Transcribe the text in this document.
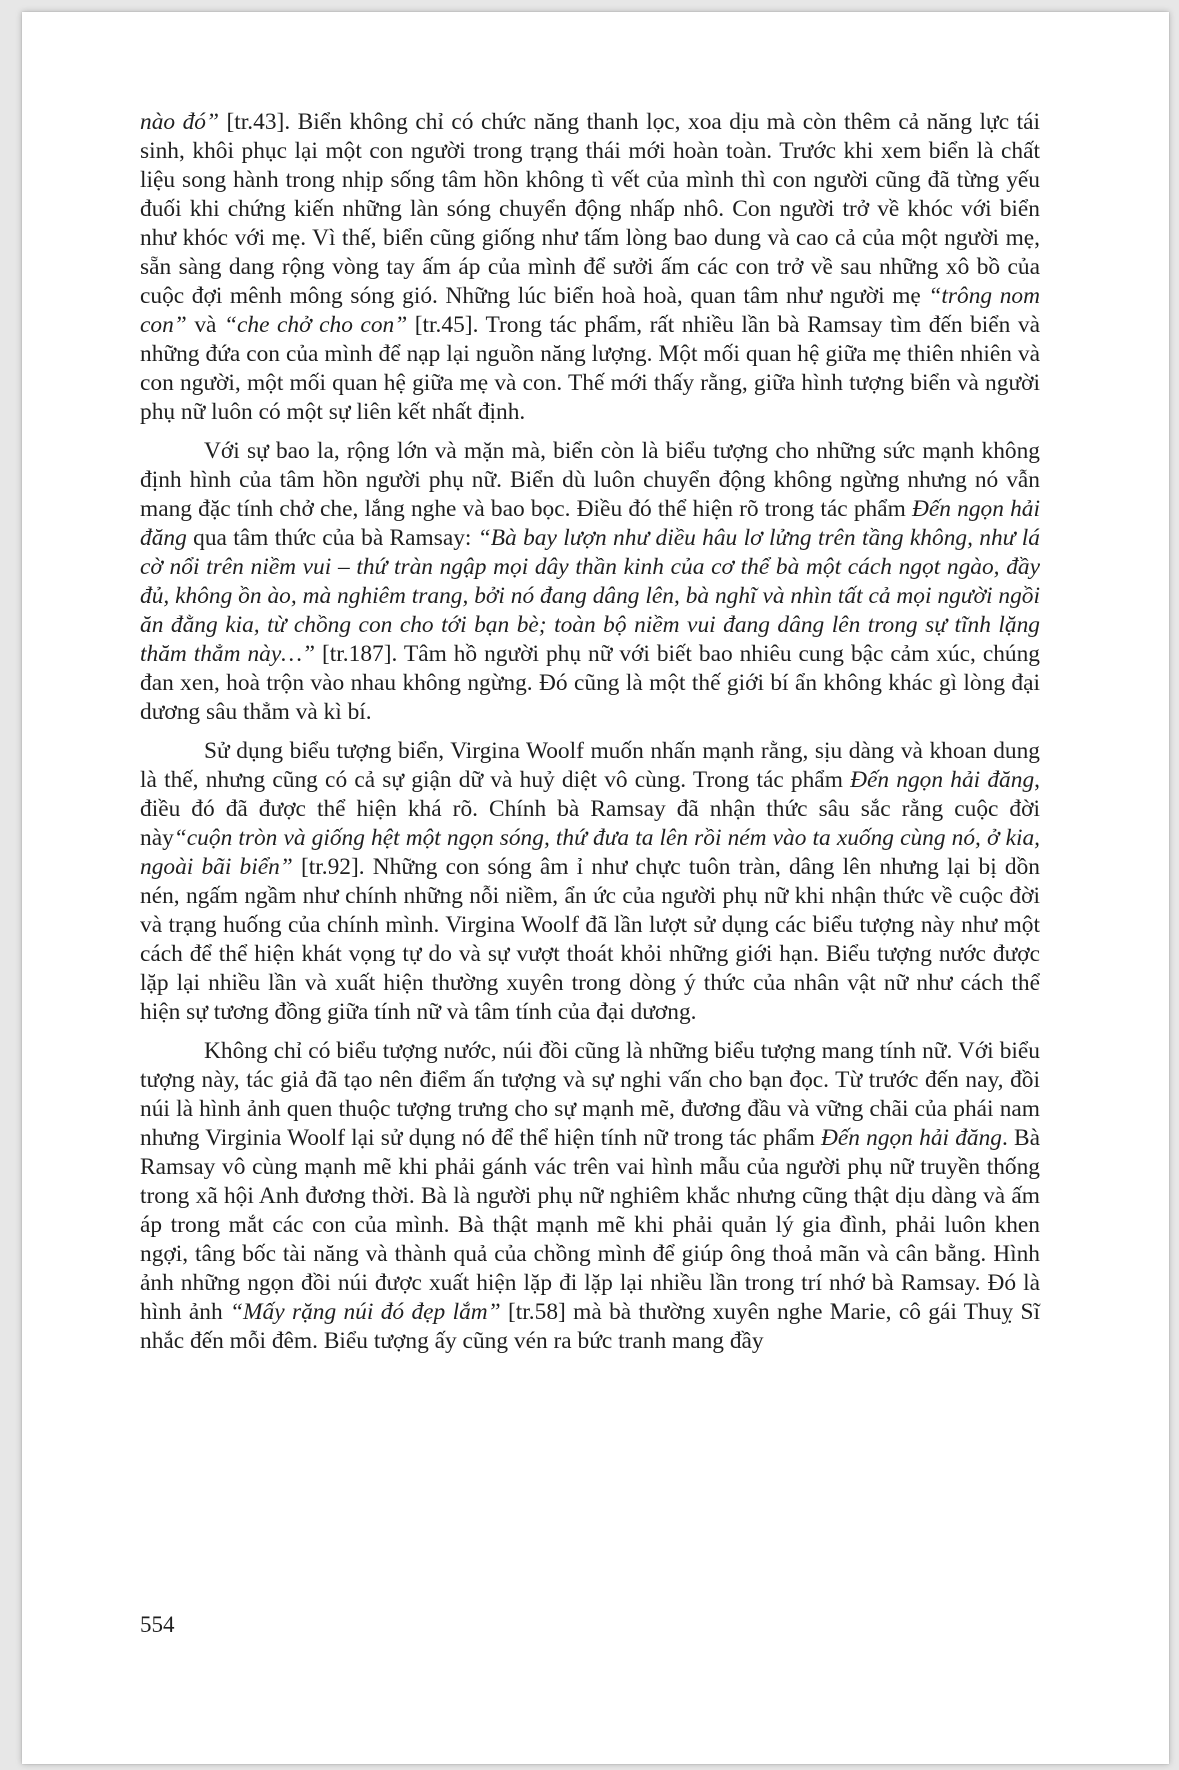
nào đó” [tr.43]. Biển không chỉ có chức năng thanh lọc, xoa dịu mà còn thêm cả năng lực tái sinh, khôi phục lại một con người trong trạng thái mới hoàn toàn. Trước khi xem biển là chất liệu song hành trong nhịp sống tâm hồn không tì vết của mình thì con người cũng đã từng yếu đuối khi chứng kiến những làn sóng chuyển động nhấp nhô. Con người trở về khóc với biển như khóc với mẹ. Vì thế, biển cũng giống như tấm lòng bao dung và cao cả của một người mẹ, sẵn sàng dang rộng vòng tay ấm áp của mình để sưởi ấm các con trở về sau những xô bồ của cuộc đợi mênh mông sóng gió. Những lúc biển hoà hoà, quan tâm như người mẹ “trông nom con” và “che chở cho con” [tr.45]. Trong tác phẩm, rất nhiều lần bà Ramsay tìm đến biển và những đứa con của mình để nạp lại nguồn năng lượng. Một mối quan hệ giữa mẹ thiên nhiên và con người, một mối quan hệ giữa mẹ và con. Thế mới thấy rằng, giữa hình tượng biển và người phụ nữ luôn có một sự liên kết nhất định.

Với sự bao la, rộng lớn và mặn mà, biển còn là biểu tượng cho những sức mạnh không định hình của tâm hồn người phụ nữ. Biển dù luôn chuyển động không ngừng nhưng nó vẫn mang đặc tính chở che, lắng nghe và bao bọc. Điều đó thể hiện rõ trong tác phẩm Đến ngọn hải đăng qua tâm thức của bà Ramsay: “Bà bay lượn như diều hâu lơ lửng trên tầng không, như lá cờ nổi trên niềm vui – thứ tràn ngập mọi dây thần kinh của cơ thể bà một cách ngọt ngào, đầy đủ, không ồn ào, mà nghiêm trang, bởi nó đang dâng lên, bà nghĩ và nhìn tất cả mọi người ngồi ăn đằng kia, từ chồng con cho tới bạn bè; toàn bộ niềm vui đang dâng lên trong sự tĩnh lặng thăm thẳm này…” [tr.187]. Tâm hồ người phụ nữ với biết bao nhiêu cung bậc cảm xúc, chúng đan xen, hoà trộn vào nhau không ngừng. Đó cũng là một thế giới bí ẩn không khác gì lòng đại dương sâu thẳm và kì bí.

Sử dụng biểu tượng biển, Virgina Woolf muốn nhấn mạnh rằng, sịu dàng và khoan dung là thế, nhưng cũng có cả sự giận dữ và huỷ diệt vô cùng. Trong tác phẩm Đến ngọn hải đăng, điều đó đã được thể hiện khá rõ. Chính bà Ramsay đã nhận thức sâu sắc rằng cuộc đời này“cuộn tròn và giống hệt một ngọn sóng, thứ đưa ta lên rồi ném vào ta xuống cùng nó, ở kia, ngoài bãi biển” [tr.92]. Những con sóng âm ỉ như chực tuôn tràn, dâng lên nhưng lại bị dồn nén, ngấm ngầm như chính những nỗi niềm, ẩn ức của người phụ nữ khi nhận thức về cuộc đời và trạng huống của chính mình. Virgina Woolf đã lần lượt sử dụng các biểu tượng này như một cách để thể hiện khát vọng tự do và sự vượt thoát khỏi những giới hạn. Biểu tượng nước được lặp lại nhiều lần và xuất hiện thường xuyên trong dòng ý thức của nhân vật nữ như cách thể hiện sự tương đồng giữa tính nữ và tâm tính của đại dương.

Không chỉ có biểu tượng nước, núi đồi cũng là những biểu tượng mang tính nữ. Với biểu tượng này, tác giả đã tạo nên điểm ấn tượng và sự nghi vấn cho bạn đọc. Từ trước đến nay, đồi núi là hình ảnh quen thuộc tượng trưng cho sự mạnh mẽ, đương đầu và vững chãi của phái nam nhưng Virginia Woolf lại sử dụng nó để thể hiện tính nữ trong tác phẩm Đến ngọn hải đăng. Bà Ramsay vô cùng mạnh mẽ khi phải gánh vác trên vai hình mẫu của người phụ nữ truyền thống trong xã hội Anh đương thời. Bà là người phụ nữ nghiêm khắc nhưng cũng thật dịu dàng và ấm áp trong mắt các con của mình. Bà thật mạnh mẽ khi phải quản lý gia đình, phải luôn khen ngợi, tâng bốc tài năng và thành quả của chồng mình để giúp ông thoả mãn và cân bằng. Hình ảnh những ngọn đồi núi được xuất hiện lặp đi lặp lại nhiều lần trong trí nhớ bà Ramsay. Đó là hình ảnh “Mấy rặng núi đó đẹp lắm” [tr.58] mà bà thường xuyên nghe Marie, cô gái Thuỵ Sĩ nhắc đến mỗi đêm. Biểu tượng ấy cũng vén ra bức tranh mang đầy

554
